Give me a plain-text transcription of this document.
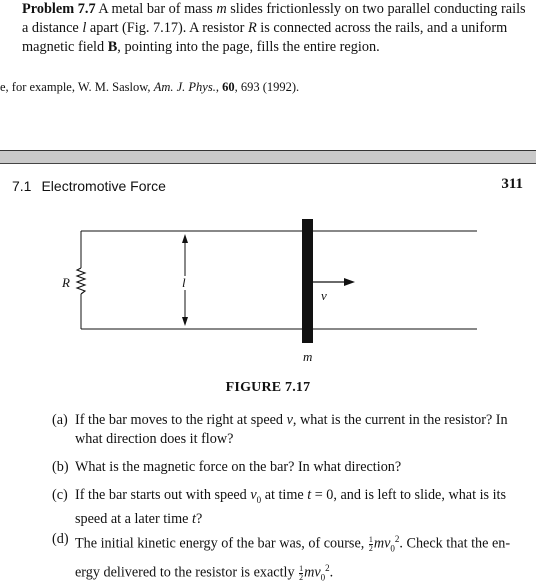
Problem 7.7 A metal bar of mass m slides frictionlessly on two parallel conducting rails a distance l apart (Fig. 7.17). A resistor R is connected across the rails, and a uniform magnetic field B, pointing into the page, fills the entire region.
e, for example, W. M. Saslow, Am. J. Phys., 60, 693 (1992).
7.1 Electromotive Force	311
R	l
v
m
FIGURE 7.17
(a) If the bar moves to the right at speed v, what is the current in the resistor? In what direction does it flow?
(b) What is the magnetic force on the bar? In what direction?
(c) If the bar starts out with speed $v_0$ at time t = 0, and is left to slide, what is its speed at a later time t?
(d) The initial kinetic energy of the bar was, of course, $\frac{1}{2} mv_0^2$. Check that the en-ergy delivered to the resistor is exactly $\frac{1}{2} mv_0^2$.
